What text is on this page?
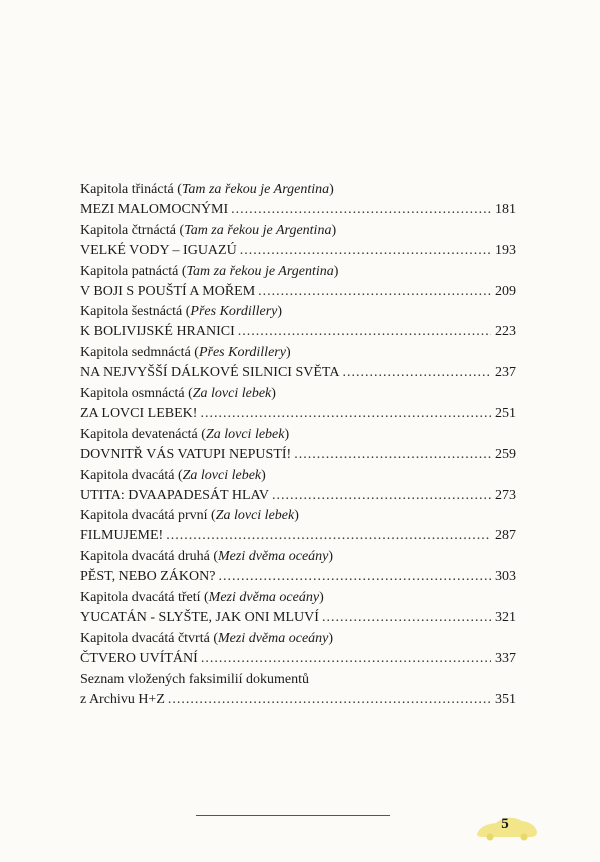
Kapitola třináctá (Tam za řekou je Argentina)
MEZI MALOMOCNÝMI .....	181
Kapitola čtrnáctá (Tam za řekou je Argentina)
VELKÉ VODY – IGUAZÚ .....	193
Kapitola patnáctá (Tam za řekou je Argentina)
V BOJI S POUŠTÍ A MOŘEM .....	209
Kapitola šestnáctá (Přes Kordillery)
K BOLIVIJSKÉ HRANICI .....	223
Kapitola sedmnáctá (Přes Kordillery)
NA NEJVYŠŠÍ DÁLKOVÉ SILNICI SVĚTA .....	237
Kapitola osmnáctá (Za lovci lebek)
ZA LOVCI LEBEK! .....	251
Kapitola devatenáctá (Za lovci lebek)
DOVNITŘ VÁS VATUPI NEPUSTÍ! .....	259
Kapitola dvacátá (Za lovci lebek)
UTITA: DVAAPADESÁT HLAV .....	273
Kapitola dvacátá první (Za lovci lebek)
FILMUJEME! .....	287
Kapitola dvacátá druhá (Mezi dvěma oceány)
PĚST, NEBO ZÁKON? .....	303
Kapitola dvacátá třetí (Mezi dvěma oceány)
YUCATÁN - SLYŠTE, JAK ONI MLUVÍ .....	321
Kapitola dvacátá čtvrtá (Mezi dvěma oceány)
ČTVERO UVÍTÁNÍ .....	337
Seznam vložených faksimilií dokumentů
z Archivu H+Z .....	351
5
